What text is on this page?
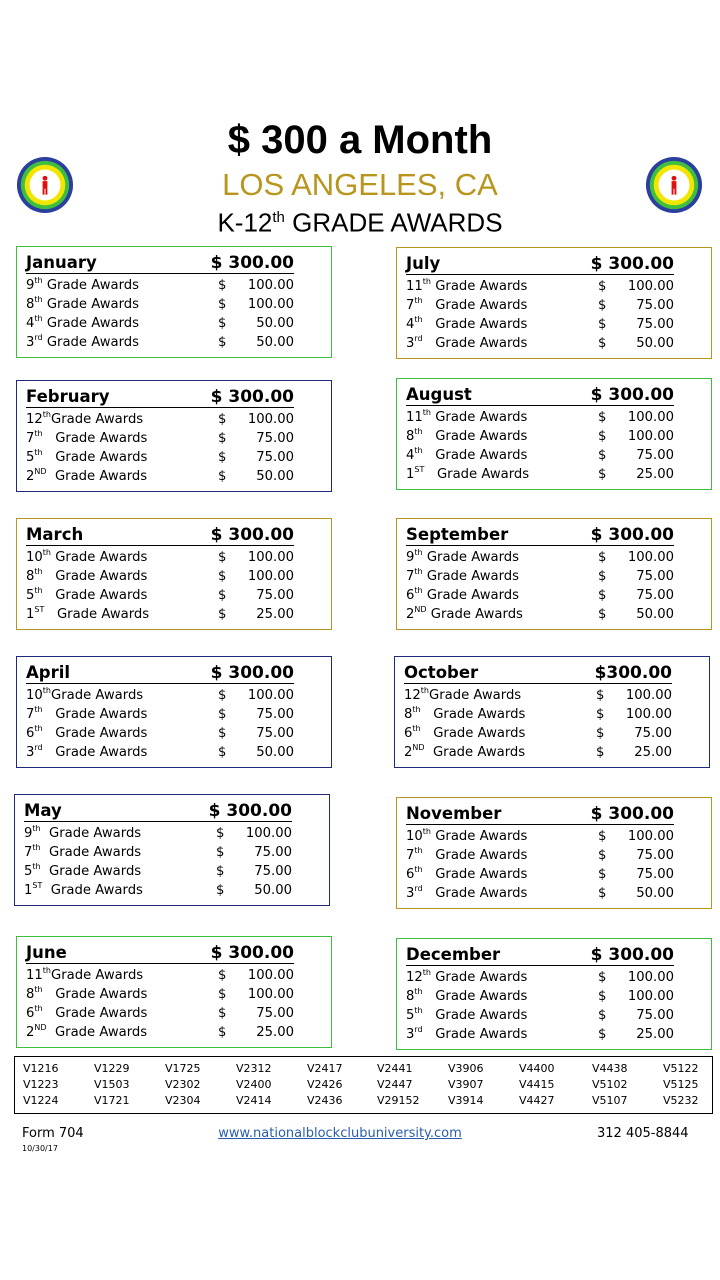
$ 300 a Month
LOS ANGELES, CA
K-12th GRADE AWARDS
January	$ 300.00
9th Grade Awards	$ 100.00
8th Grade Awards	$ 100.00
4th Grade Awards	$ 50.00
3rd Grade Awards	$ 50.00
July	$ 300.00
11th Grade Awards	$ 100.00
7th Grade Awards	$ 75.00
4th Grade Awards	$ 75.00
3rd Grade Awards	$ 50.00
February	$ 300.00
12thGrade Awards	$ 100.00
7th Grade Awards	$ 75.00
5th Grade Awards	$ 75.00
2ND Grade Awards	$ 50.00
August	$ 300.00
11th Grade Awards	$ 100.00
8th Grade Awards	$ 100.00
4th Grade Awards	$ 75.00
1ST Grade Awards	$ 25.00
March	$ 300.00
10th Grade Awards	$ 100.00
8th Grade Awards	$ 100.00
5th Grade Awards	$ 75.00
1ST Grade Awards	$ 25.00
September	$ 300.00
9th Grade Awards	$ 100.00
7th Grade Awards	$ 75.00
6th Grade Awards	$ 75.00
2ND Grade Awards	$ 50.00
April	$ 300.00
10thGrade Awards	$ 100.00
7th Grade Awards	$ 75.00
6th Grade Awards	$ 75.00
3rd Grade Awards	$ 50.00
October	$300.00
12thGrade Awards	$ 100.00
8th Grade Awards	$ 100.00
6th Grade Awards	$ 75.00
2ND Grade Awards	$ 25.00
May	$ 300.00
9th Grade Awards	$ 100.00
7th Grade Awards	$ 75.00
5th Grade Awards	$ 75.00
1ST Grade Awards	$ 50.00
November	$ 300.00
10th Grade Awards	$ 100.00
7th Grade Awards	$ 75.00
6th Grade Awards	$ 75.00
3rd Grade Awards	$ 50.00
June	$ 300.00
11thGrade Awards	$ 100.00
8th Grade Awards	$ 100.00
6th Grade Awards	$ 75.00
2ND Grade Awards	$ 25.00
December	$ 300.00
12th Grade Awards	$ 100.00
8th Grade Awards	$ 100.00
5th Grade Awards	$ 75.00
3rd Grade Awards	$ 25.00
V1216	V1229	V1725	V2312	V2417	V2441	V3906	V4400	V4438	V5122
V1223	V1503	V2302	V2400	V2426	V2447	V3907	V4415	V5102	V5125
V1224	V1721	V2304	V2414	V2436	V29152	V3914	V4427	V5107	V5232
Form 704
10/30/17
www.nationalblockclubuniversity.com	312 405-8844
